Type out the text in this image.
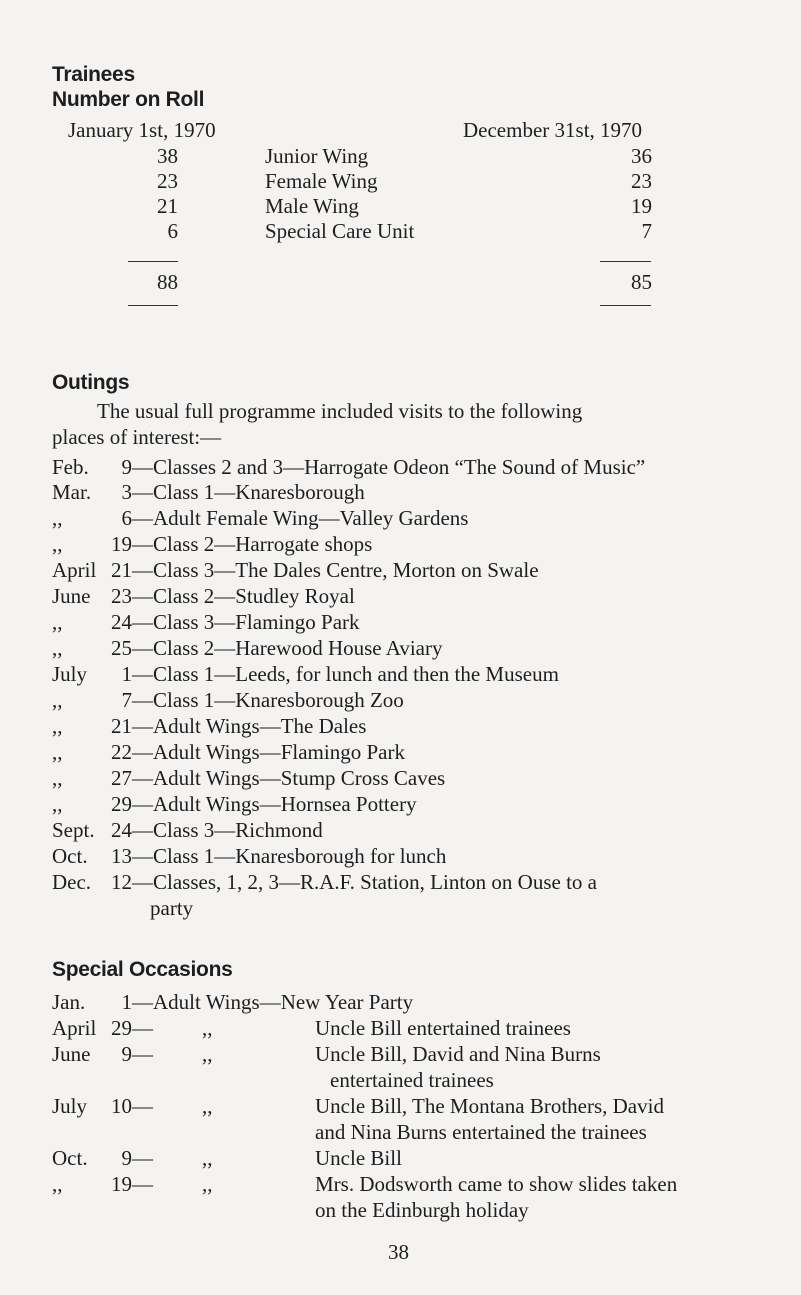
Trainees
Number on Roll
January 1st, 1970	December 31st, 1970
38	Junior Wing	36
23	Female Wing	23
21	Male Wing	19
6	Special Care Unit	7
88	85
Outings
The usual full programme included visits to the following
places of interest:—
Feb. 9—Classes 2 and 3—Harrogate Odeon “The Sound of Music”
Mar. 3—Class 1—Knaresborough
,,	6—Adult Female Wing—Valley Gardens
,, 19—Class 2—Harrogate shops
April 21—Class 3—The Dales Centre, Morton on Swale
June 23—Class 2—Studley Royal
,, 24—Class 3—Flamingo Park
,, 25—Class 2—Harewood House Aviary
July 1—Class 1—Leeds, for lunch and then the Museum
,,	7—Class 1—Knaresborough Zoo
,, 21—Adult Wings—The Dales
,, 22—Adult Wings—Flamingo Park
,, 27—Adult Wings—Stump Cross Caves
,, 29—Adult Wings—Hornsea Pottery
Sept. 24—Class 3—Richmond
Oct. 13—Class 1—Knaresborough for lunch
Dec. 12—Classes, 1, 2, 3—R.A.F. Station, Linton on Ouse to a
party
Special Occasions
Jan. 1—Adult Wings—New Year Party
April 29— ,,	Uncle Bill entertained trainees
June 9— ,,	Uncle Bill, David and Nina Burns
entertained trainees
July 10— ,,	Uncle Bill, The Montana Brothers, David
and Nina Burns entertained the trainees
Oct. 9— ,,	Uncle Bill
,, 19— ,,	Mrs. Dodsworth came to show slides taken
on the Edinburgh holiday
38
